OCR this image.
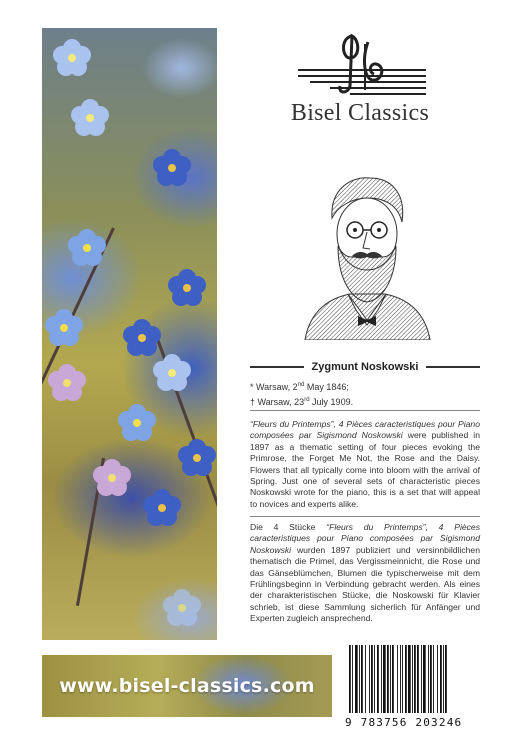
www.bisel-classics.com
Bisel Classics
Zygmunt Noskowski
* Warsaw, 2nd May 1846;
† Warsaw, 23rd July 1909.

“Fleurs du Printemps”, 4 Pièces caracteristiques pour Piano composées par Sigismond Noskowski were published in 1897 as a thematic setting of four pieces evoking the Primrose, the Forget Me Not, the Rose and the Daisy. Flowers that all typically come into bloom with the arrival of Spring. Just one of several sets of characteristic pieces Noskowski wrote for the piano, this is a set that will appeal to novices and experts alike.

Die 4 Stücke “Fleurs du Printemps”, 4 Pièces caracteristiques pour Piano composées par Sigismond Noskowski wurden 1897 publiziert und versinnbildlichen thematisch die Primel, das Vergissmeinnicht, die Rose und das Gänseblümchen, Blumen die typischerweise mit dem Frühlingsbeginn in Verbindung gebracht werden. Als eines der charakteristischen Stücke, die Noskowski für Klavier schrieb, ist diese Sammlung sicherlich für Anfänger und Experten zugleich ansprechend.

9 783756 203246
